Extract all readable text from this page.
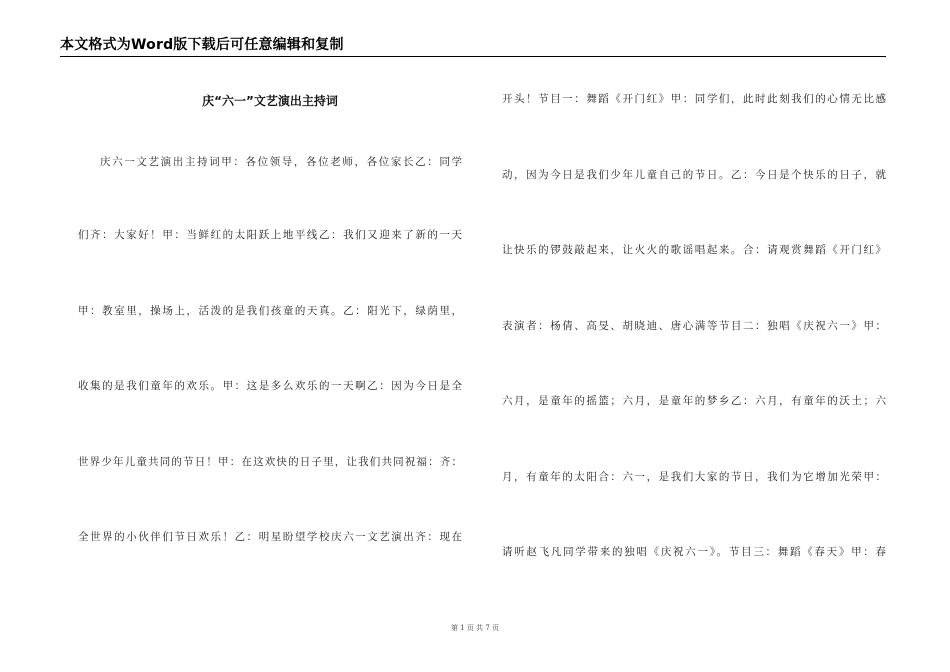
本文格式为Word版下载后可任意编辑和复制
庆“六一”文艺演出主持词
庆六一文艺演出主持词甲：各位领导，各位老师，各位家长乙：同学
们齐：大家好！甲：当鲜红的太阳跃上地平线乙：我们又迎来了新的一天
甲：教室里，操场上，活泼的是我们孩童的天真。乙：阳光下，绿荫里，
收集的是我们童年的欢乐。甲：这是多么欢乐的一天啊乙：因为今日是全
世界少年儿童共同的节日！甲：在这欢快的日子里，让我们共同祝福：齐：
全世界的小伙伴们节日欢乐！乙：明星盼望学校庆六一文艺演出齐：现在
开头！节目一：舞蹈《开门红》甲：同学们，此时此刻我们的心情无比感
动，因为今日是我们少年儿童自己的节日。乙：今日是个快乐的日子，就
让快乐的锣鼓敲起来，让火火的歌谣唱起来。合：请观赏舞蹈《开门红》
表演者：杨倩、高旻、胡晓迪、唐心满等节目二：独唱《庆祝六一》甲：
六月，是童年的摇篮；六月，是童年的梦乡乙：六月，有童年的沃土；六
月，有童年的太阳合：六一，是我们大家的节日，我们为它增加光荣甲：
请听赵飞凡同学带来的独唱《庆祝六一》。节目三：舞蹈《春天》甲：春
第 1 页 共 7 页
